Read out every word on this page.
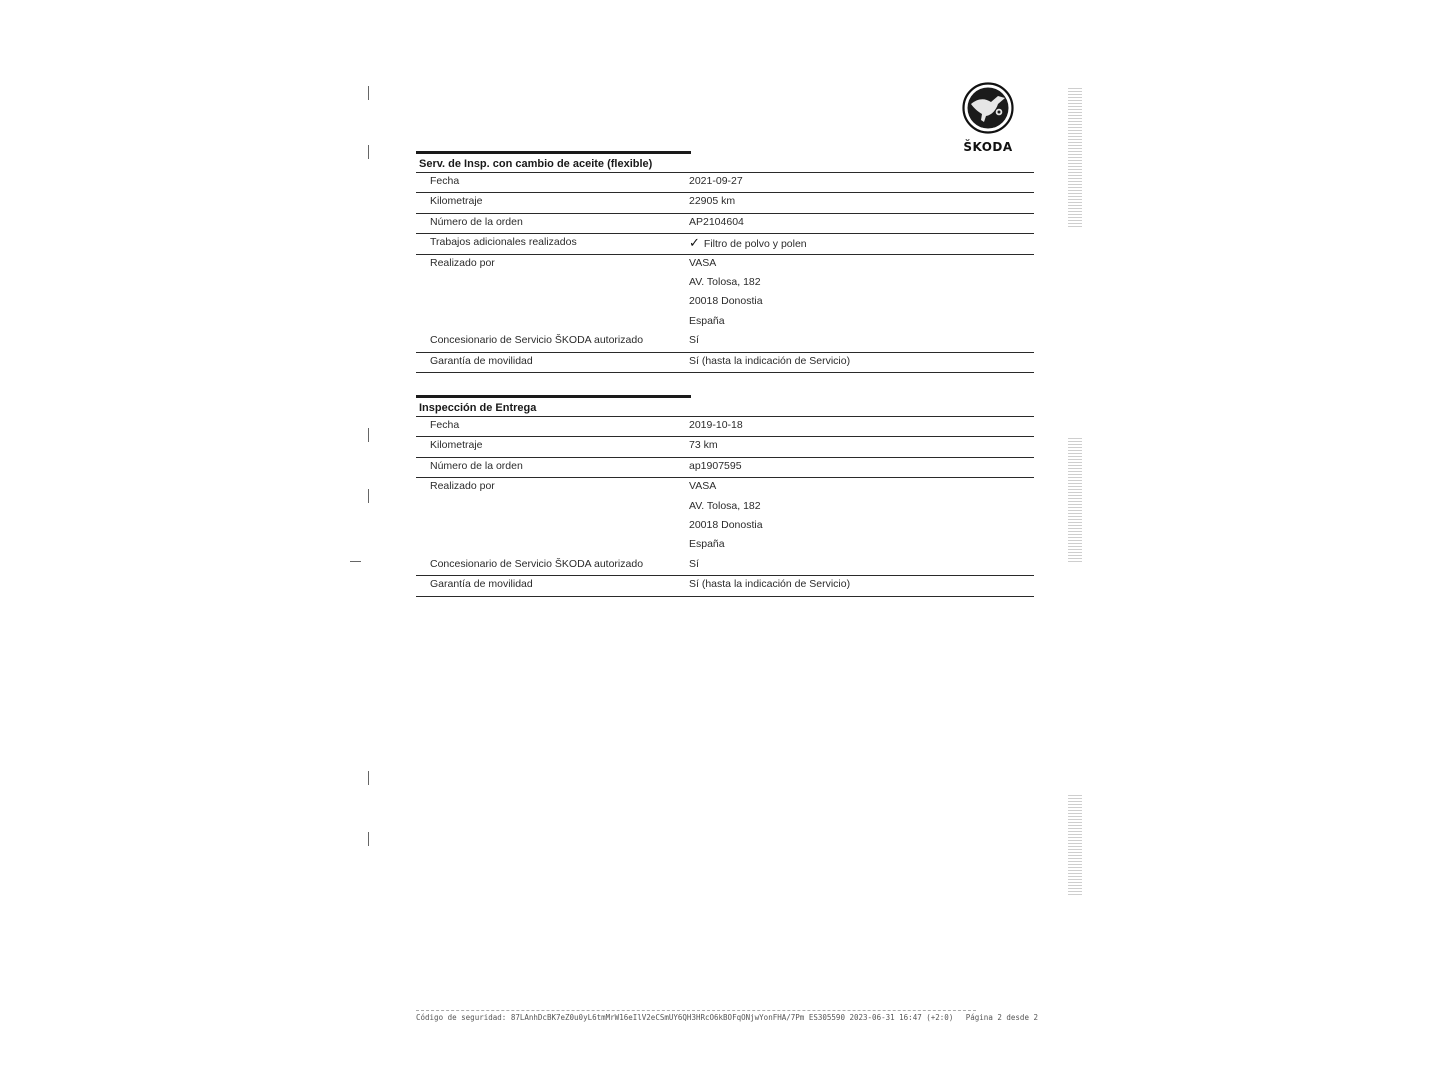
ŠKODA
Serv. de Insp. con cambio de aceite (flexible)
Fecha	2021-09-27
Kilometraje	22905 km
Número de la orden	AP2104604
Trabajos adicionales realizados	✓ Filtro de polvo y polen
Realizado por	VASA
AV. Tolosa, 182
20018 Donostia
España
Concesionario de Servicio ŠKODA autorizado	Sí
Garantía de movilidad	Sí (hasta la indicación de Servicio)
Inspección de Entrega
Fecha	2019-10-18
Kilometraje	73 km
Número de la orden	ap1907595
Realizado por	VASA
AV. Tolosa, 182
20018 Donostia
España
Concesionario de Servicio ŠKODA autorizado	Sí
Garantía de movilidad	Sí (hasta la indicación de Servicio)
Código de seguridad: 87LAnhDcBK7eZ0u0yL6tmMrW16eIlV2eCSmUY6QH3HRcO6kBOFqONjwYonFHA/7Pm ES305590 2023-06-31 16:47 (+2:0) Página 2 desde 2
